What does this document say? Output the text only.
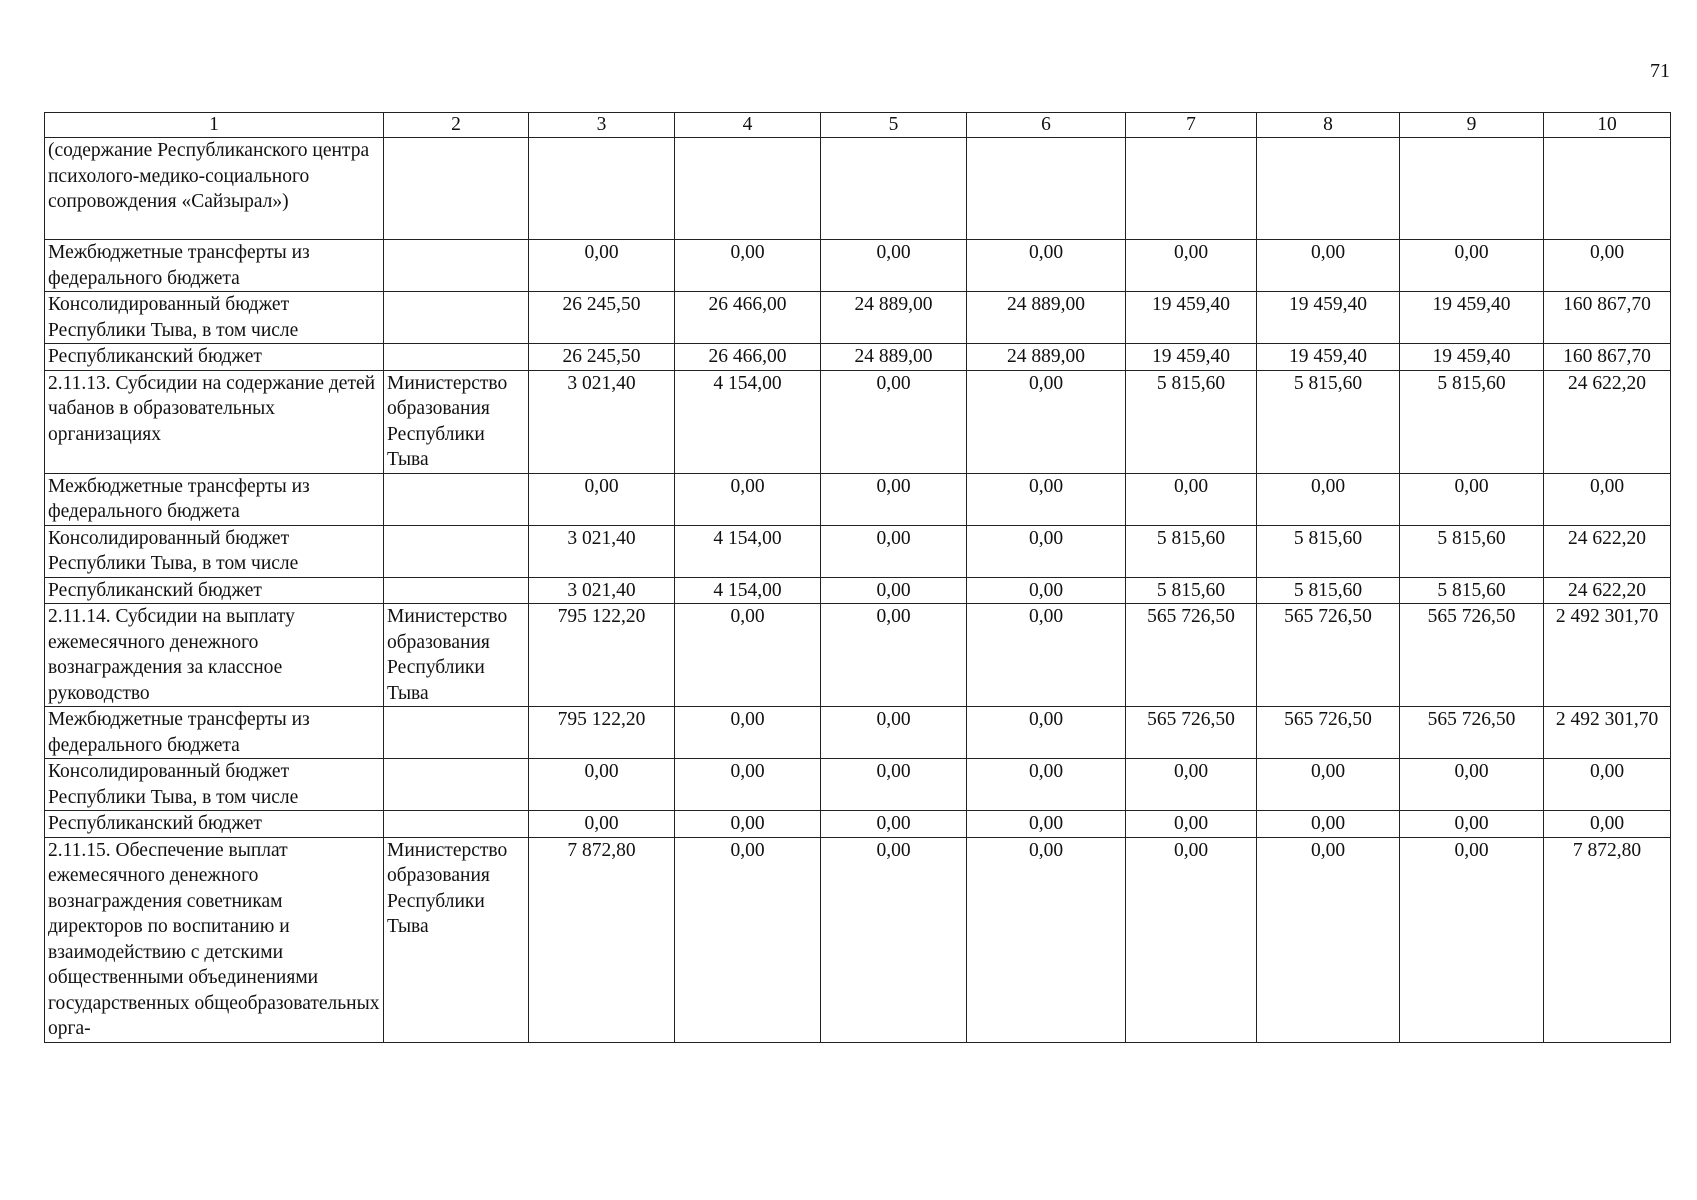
71
1	2	3	4	5	6	7	8	9	10
(содержание Республиканского центра психолого-медико-социального сопровождения «Сайзырал»)									
Межбюджетные трансферты из федерального бюджета		0,00	0,00	0,00	0,00	0,00	0,00	0,00	0,00
Консолидированный бюджет Республики Тыва, в том числе		26 245,50	26 466,00	24 889,00	24 889,00	19 459,40	19 459,40	19 459,40	160 867,70
Республиканский бюджет		26 245,50	26 466,00	24 889,00	24 889,00	19 459,40	19 459,40	19 459,40	160 867,70
2.11.13. Субсидии на содержание детей чабанов в образовательных организациях	Министерство образования Республики Тыва	3 021,40	4 154,00	0,00	0,00	5 815,60	5 815,60	5 815,60	24 622,20
Межбюджетные трансферты из федерального бюджета		0,00	0,00	0,00	0,00	0,00	0,00	0,00	0,00
Консолидированный бюджет Республики Тыва, в том числе		3 021,40	4 154,00	0,00	0,00	5 815,60	5 815,60	5 815,60	24 622,20
Республиканский бюджет		3 021,40	4 154,00	0,00	0,00	5 815,60	5 815,60	5 815,60	24 622,20
2.11.14. Субсидии на выплату ежемесячного денежного вознаграждения за классное руководство	Министерство образования Республики Тыва	795 122,20	0,00	0,00	0,00	565 726,50	565 726,50	565 726,50	2 492 301,70
Межбюджетные трансферты из федерального бюджета		795 122,20	0,00	0,00	0,00	565 726,50	565 726,50	565 726,50	2 492 301,70
Консолидированный бюджет Республики Тыва, в том числе		0,00	0,00	0,00	0,00	0,00	0,00	0,00	0,00
Республиканский бюджет		0,00	0,00	0,00	0,00	0,00	0,00	0,00	0,00
2.11.15. Обеспечение выплат ежемесячного денежного вознаграждения советникам директоров по воспитанию и взаимодействию с детскими общественными объединениями государственных общеобразовательных орга-	Министерство образования Республики Тыва	7 872,80	0,00	0,00	0,00	0,00	0,00	0,00	7 872,80
